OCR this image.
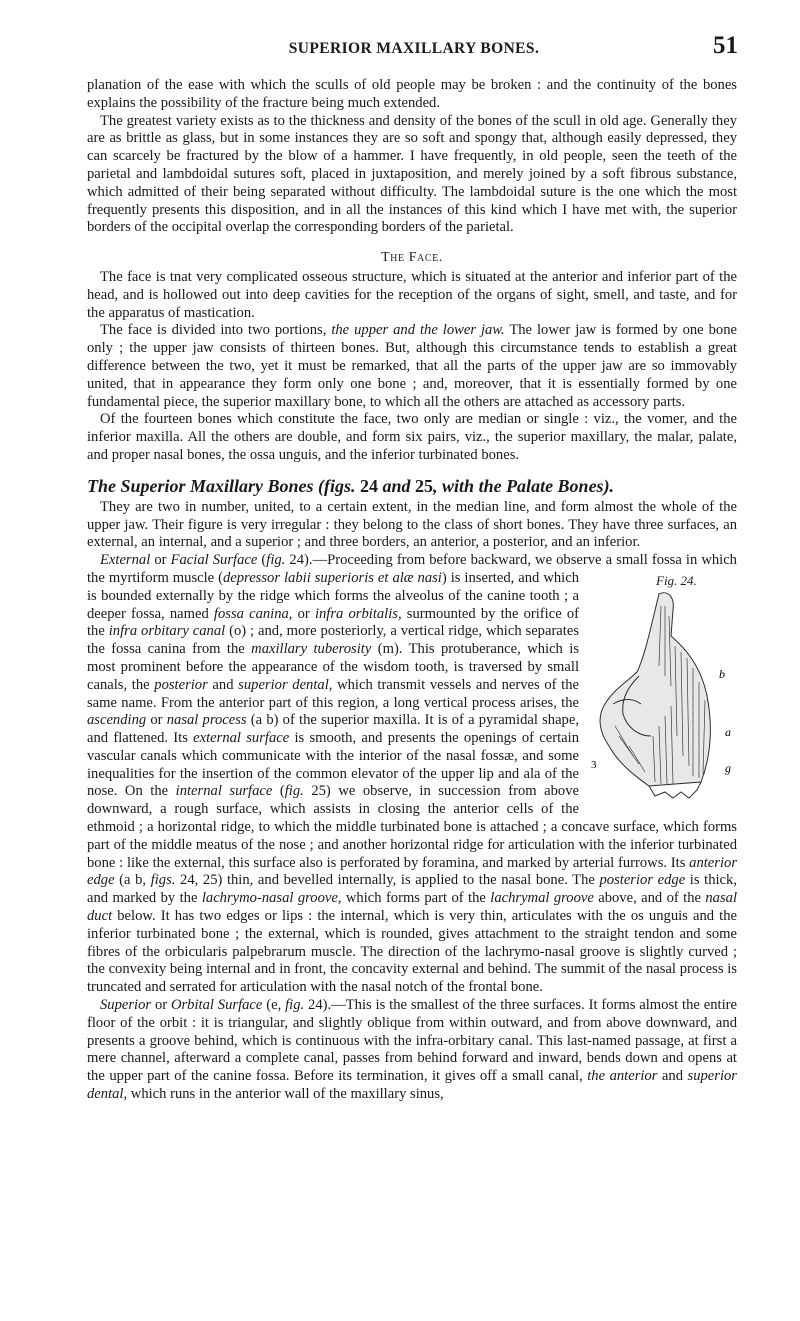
SUPERIOR MAXILLARY BONES.	51

planation of the ease with which the sculls of old people may be broken : and the continuity of the bones explains the possibility of the fracture being much extended.

The greatest variety exists as to the thickness and density of the bones of the scull in old age. Generally they are as brittle as glass, but in some instances they are so soft and spongy that, although easily depressed, they can scarcely be fractured by the blow of a hammer. I have frequently, in old people, seen the teeth of the parietal and lambdoidal sutures soft, placed in juxtaposition, and merely joined by a soft fibrous substance, which admitted of their being separated without difficulty. The lambdoidal suture is the one which the most frequently presents this disposition, and in all the instances of this kind which I have met with, the superior borders of the occipital overlap the corresponding borders of the parietal.

The Face.

The face is tnat very complicated osseous structure, which is situated at the anterior and inferior part of the head, and is hollowed out into deep cavities for the reception of the organs of sight, smell, and taste, and for the apparatus of mastication.

The face is divided into two portions, the upper and the lower jaw. The lower jaw is formed by one bone only ; the upper jaw consists of thirteen bones. But, although this circumstance tends to establish a great difference between the two, yet it must be remarked, that all the parts of the upper jaw are so immovably united, that in appearance they form only one bone ; and, moreover, that it is essentially formed by one fundamental piece, the superior maxillary bone, to which all the others are attached as accessory parts.

Of the fourteen bones which constitute the face, two only are median or single : viz., the vomer, and the inferior maxilla. All the others are double, and form six pairs, viz., the superior maxillary, the malar, palate, and proper nasal bones, the ossa unguis, and the inferior turbinated bones.

The Superior Maxillary Bones (figs. 24 and 25, with the Palate Bones).

They are two in number, united, to a certain extent, in the median line, and form almost the whole of the upper jaw. Their figure is very irregular : they belong to the class of short bones. They have three surfaces, an external, an internal, and a superior ; and three borders, an anterior, a posterior, and an inferior.

External or Facial Surface (fig. 24).—Proceeding from before backward, we observe a small fossa in which the myrtiform muscle (	Fig. 24.
b
a
g
3
depressor labii superioris et alæ nasi) is inserted, and which is bounded externally by the ridge which forms the alveolus of the canine tooth ; a deeper fossa, named fossa canina, or infra orbitalis, surmounted by the orifice of the infra orbitary canal (o) ; and, more posteriorly, a vertical ridge, which separates the fossa canina from the maxillary tuberosity (m). This protuberance, which is most prominent before the appearance of the wisdom tooth, is traversed by small canals, the posterior and superior dental, which transmit vessels and nerves of the same name. From the anterior part of this region, a long vertical process arises, the ascending or nasal process (a b) of the superior maxilla. It is of a pyramidal shape, and flattened. Its external surface is smooth, and presents the openings of certain vascular canals which communicate with the interior of the nasal fossæ, and some inequalities for the insertion of the common elevator of the upper lip and ala of the nose. On the internal surface (fig. 25) we observe, in succession from above downward, a rough surface, which assists in closing the anterior cells of the ethmoid ; a horizontal ridge, to which the middle turbinated bone is attached ; a concave surface, which forms part of the middle meatus of the nose ; and another horizontal ridge for articulation with the inferior turbinated bone : like the external, this surface also is perforated by foramina, and marked by arterial furrows. Its anterior edge (a b, figs. 24, 25) thin, and bevelled internally, is applied to the nasal bone. The posterior edge is thick, and marked by the lachrymo-nasal groove, which forms part of the lachrymal groove above, and of the nasal duct below. It has two edges or lips : the internal, which is very thin, articulates with the os unguis and the inferior turbinated bone ; the external, which is rounded, gives attachment to the straight tendon and some fibres of the orbicularis palpebrarum muscle. The direction of the lachrymo-nasal groove is slightly curved ; the convexity being internal and in front, the concavity external and behind. The summit of the nasal process is truncated and serrated for articulation with the nasal notch of the frontal bone.

Superior or Orbital Surface (e, fig. 24).—This is the smallest of the three surfaces. It forms almost the entire floor of the orbit : it is triangular, and slightly oblique from within outward, and from above downward, and presents a groove behind, which is continuous with the infra-orbitary canal. This last-named passage, at first a mere channel, afterward a complete canal, passes from behind forward and inward, bends down and opens at the upper part of the canine fossa. Before its termination, it gives off a small canal, the anterior and superior dental, which runs in the anterior wall of the maxillary sinus,
